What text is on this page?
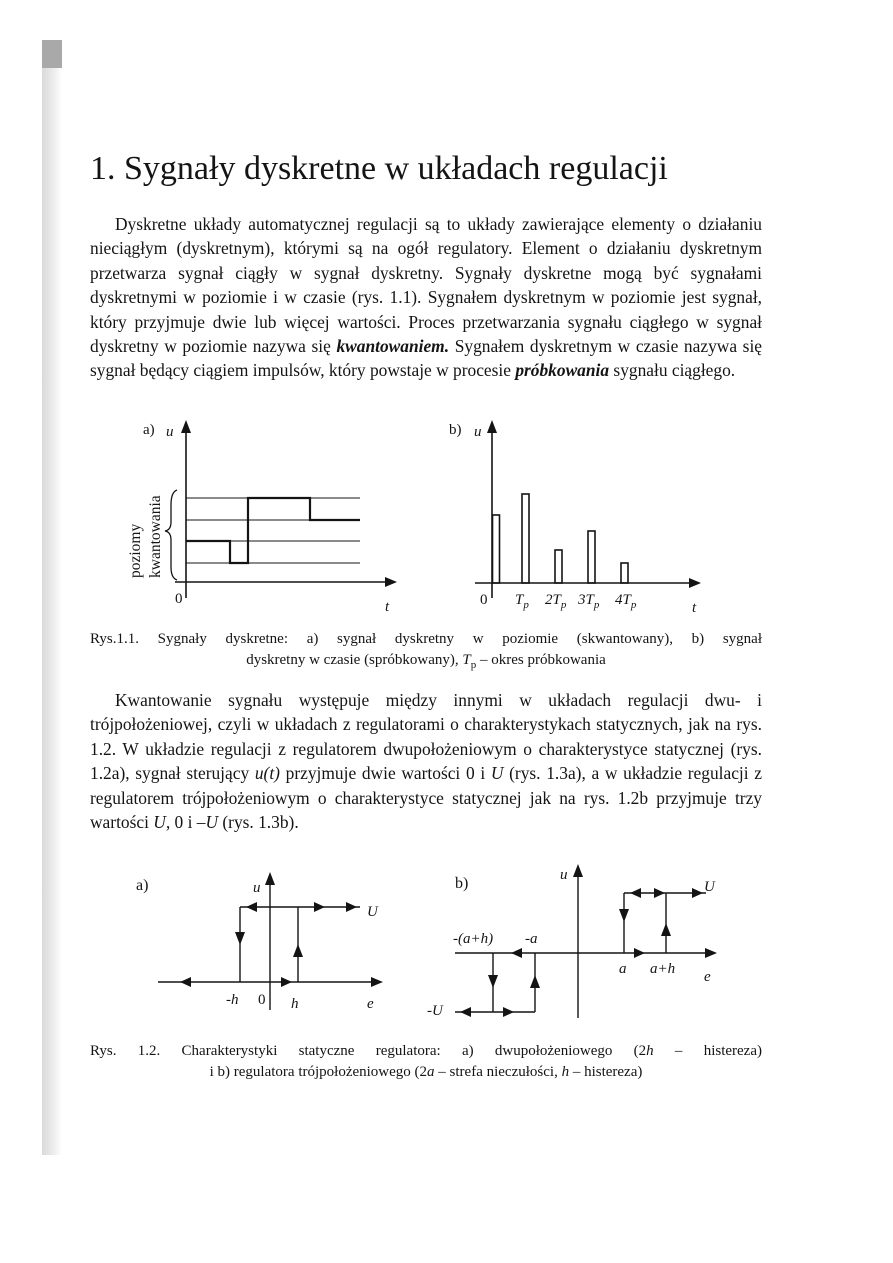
1. Sygnały dyskretne w układach regulacji

Dyskretne układy automatycznej regulacji są to układy zawierające elementy o działaniu nieciągłym (dyskretnym), którymi są na ogół regulatory. Element o działaniu dyskretnym przetwarza sygnał ciągły w sygnał dyskretny. Sygnały dyskretne mogą być sygnałami dyskretnymi w poziomie i w czasie (rys. 1.1). Sygnałem dyskretnym w poziomie jest sygnał, który przyjmuje dwie lub więcej wartości. Proces przetwarzania sygnału ciągłego w sygnał dyskretny w poziomie nazywa się kwantowaniem. Sygnałem dyskretnym w czasie nazywa się sygnał będący ciągiem impulsów, który powstaje w procesie próbkowania sygnału ciągłego.

a) u
poziomy kwantowania
0	t
b) u
0 $T_p$ $2T_p$ $3T_p$ $4T_p$	t

Rys.1.1. Sygnały dyskretne: a) sygnał dyskretny w poziomie (skwantowany), b) sygnał
dyskretny w czasie (spróbkowany), $T_p$ – okres próbkowania

Kwantowanie sygnału występuje między innymi w układach regulacji dwu- i trójpołożeniowej, czyli w układach z regulatorami o charakterystykach statycznych, jak na rys. 1.2. W układzie regulacji z regulatorem dwupołożeniowym o charakterystyce statycznej (rys. 1.2a), sygnał sterujący u(t) przyjmuje dwie wartości 0 i U (rys. 1.3a), a w układzie regulacji z regulatorem trójpołożeniowym o charakterystyce statycznej jak na rys. 1.2b przyjmuje trzy wartości U, 0 i –U (rys. 1.3b).

a)	u
U
-h 0 h	e
b)	u
U
-U
-(a+h) -a
a a+h e

Rys. 1.2. Charakterystyki statyczne regulatora: a) dwupołożeniowego (2h – histereza)
i b) regulatora trójpołożeniowego (2a – strefa nieczułości, h – histereza)
